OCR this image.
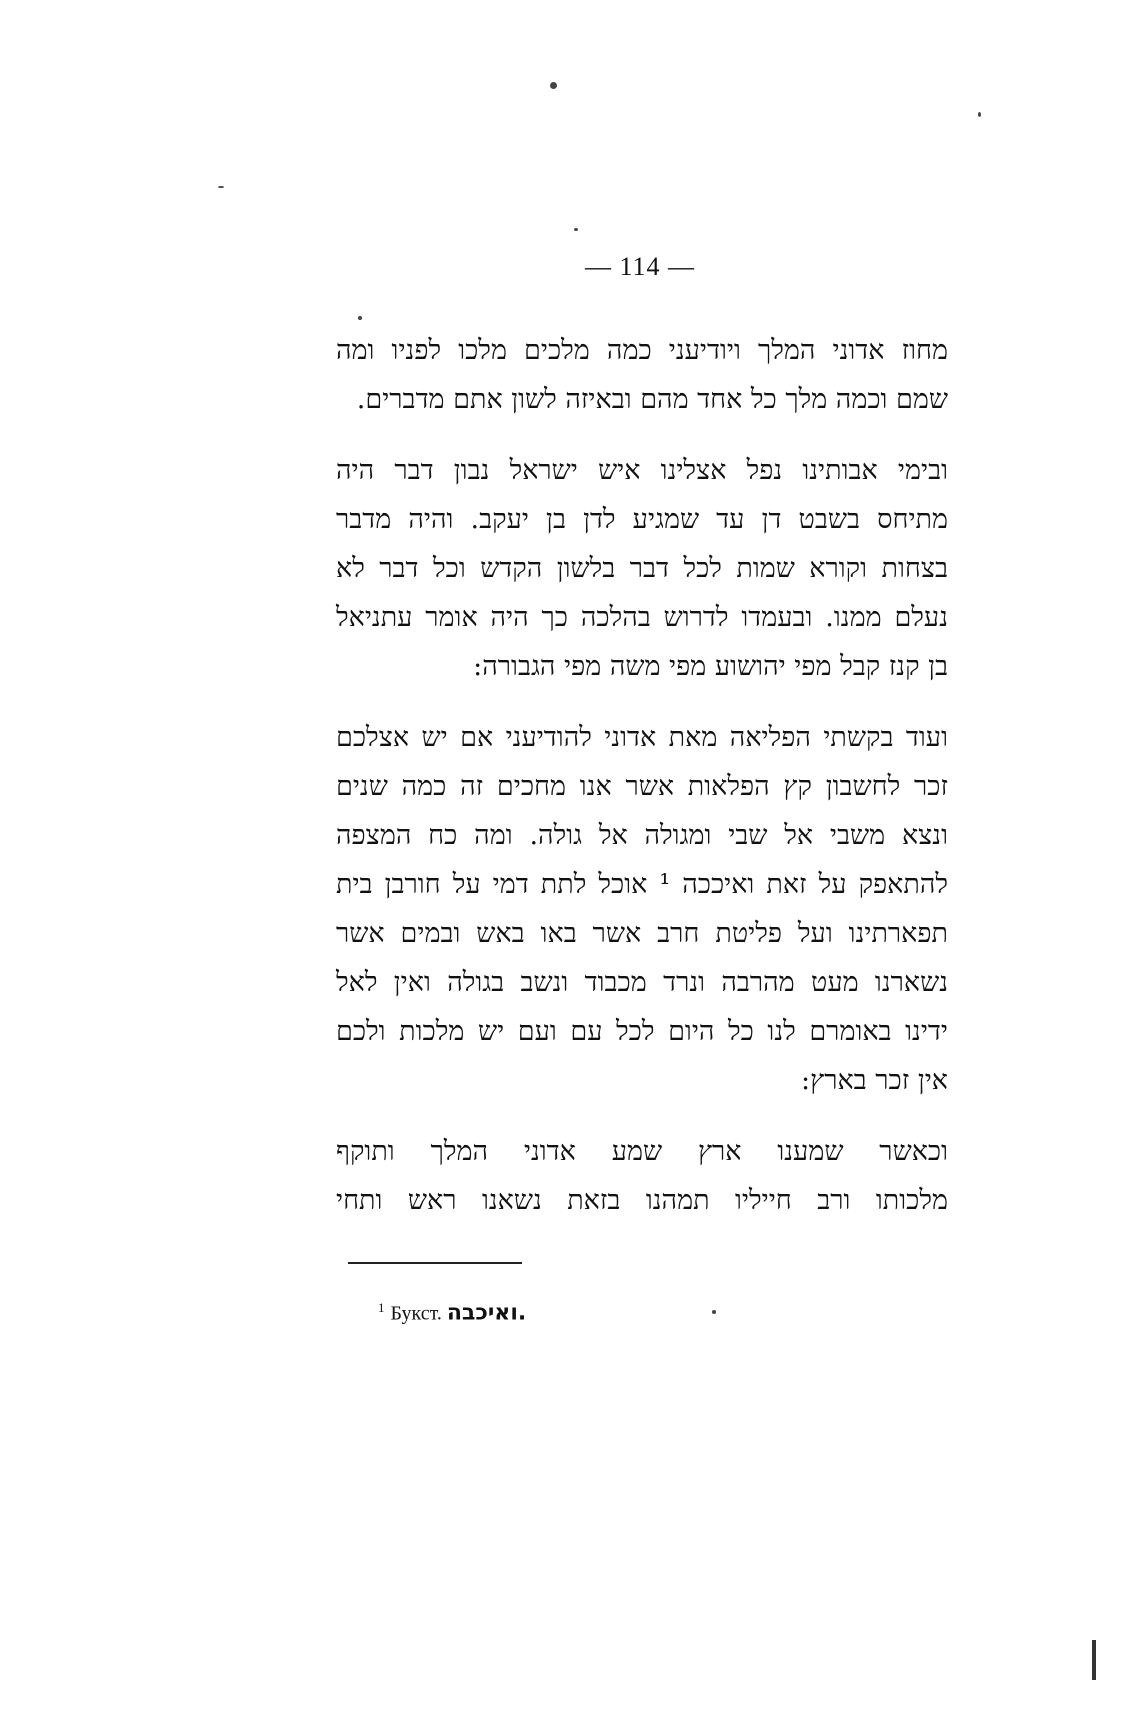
— 114 —

מחוז אדוני המלך ויודיעני כמה מלכים מלכו לפניו ומה
שמם וכמה מלך כל אחד מהם ובאיזה לשון אתם מדברים.

ובימי אבותינו נפל אצלינו איש ישראל נבון דבר היה
מתיחס בשבט דן עד שמגיע לדן בן יעקב. והיה מדבר
בצחות וקורא שמות לכל דבר בלשון הקדש וכל דבר לא
נעלם ממנו. ובעמדו לדרוש בהלכה כך היה אומר עתניאל
בן קנז קבל מפי יהושוע מפי משה מפי הגבורה:

ועוד בקשתי הפליאה מאת אדוני להודיעני אם יש אצלכם
זכר לחשבון קץ הפלאות אשר אנו מחכים זה כמה שנים
ונצא משבי אל שבי ומגולה אל גולה. ומה כח המצפה
להתאפק על זאת ואיככה ¹ אוכל לתת דמי על חורבן בית
תפארתינו ועל פליטת חרב אשר באו באש ובמים אשר
נשארנו מעט מהרבה ונרד מכבוד ונשב בגולה ואין לאל
ידינו באומרם לנו כל היום לכל עם ועם יש מלכות ולכם
אין זכר בארץ:

וכאשר שמענו ארץ שמע אדוני המלך ותוקף
מלכותו ורב חייליו תמהנו בזאת נשאנו ראש ותחי

$^1$ Букст. ואיכבה.
